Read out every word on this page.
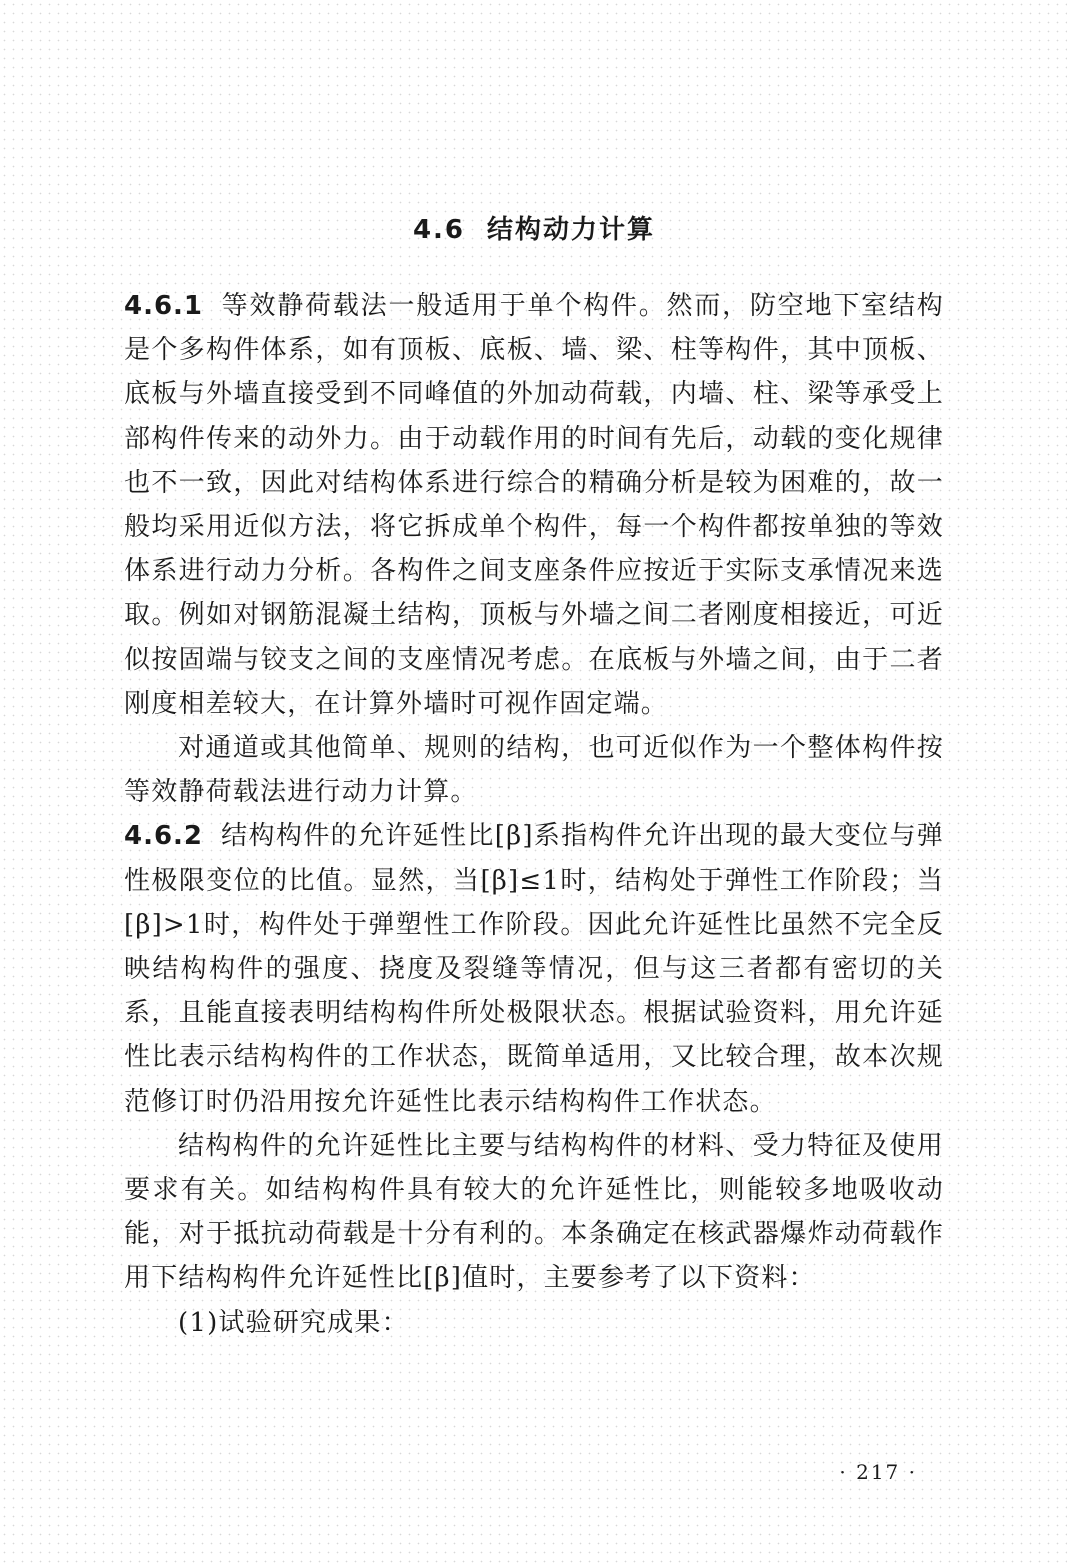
4.6 结构动力计算

4.6.1 等效静荷载法一般适用于单个构件。然而，防空地下室结构是个多构件体系，如有顶板、底板、墙、梁、柱等构件，其中顶板、底板与外墙直接受到不同峰值的外加动荷载，内墙、柱、梁等承受上部构件传来的动外力。由于动载作用的时间有先后，动载的变化规律也不一致，因此对结构体系进行综合的精确分析是较为困难的，故一般均采用近似方法，将它拆成单个构件，每一个构件都按单独的等效体系进行动力分析。各构件之间支座条件应按近于实际支承情况来选取。例如对钢筋混凝土结构，顶板与外墙之间二者刚度相接近，可近似按固端与铰支之间的支座情况考虑。在底板与外墙之间，由于二者刚度相差较大，在计算外墙时可视作固定端。

对通道或其他简单、规则的结构，也可近似作为一个整体构件按等效静荷载法进行动力计算。

4.6.2 结构构件的允许延性比[β]系指构件允许出现的最大变位与弹性极限变位的比值。显然，当[β]≤1时，结构处于弹性工作阶段；当[β]>1时，构件处于弹塑性工作阶段。因此允许延性比虽然不完全反映结构构件的强度、挠度及裂缝等情况，但与这三者都有密切的关系，且能直接表明结构构件所处极限状态。根据试验资料，用允许延性比表示结构构件的工作状态，既简单适用，又比较合理，故本次规范修订时仍沿用按允许延性比表示结构构件工作状态。

结构构件的允许延性比主要与结构构件的材料、受力特征及使用要求有关。如结构构件具有较大的允许延性比，则能较多地吸收动能，对于抵抗动荷载是十分有利的。本条确定在核武器爆炸动荷载作用下结构构件允许延性比[β]值时，主要参考了以下资料：

(1)试验研究成果：

· 217 ·
